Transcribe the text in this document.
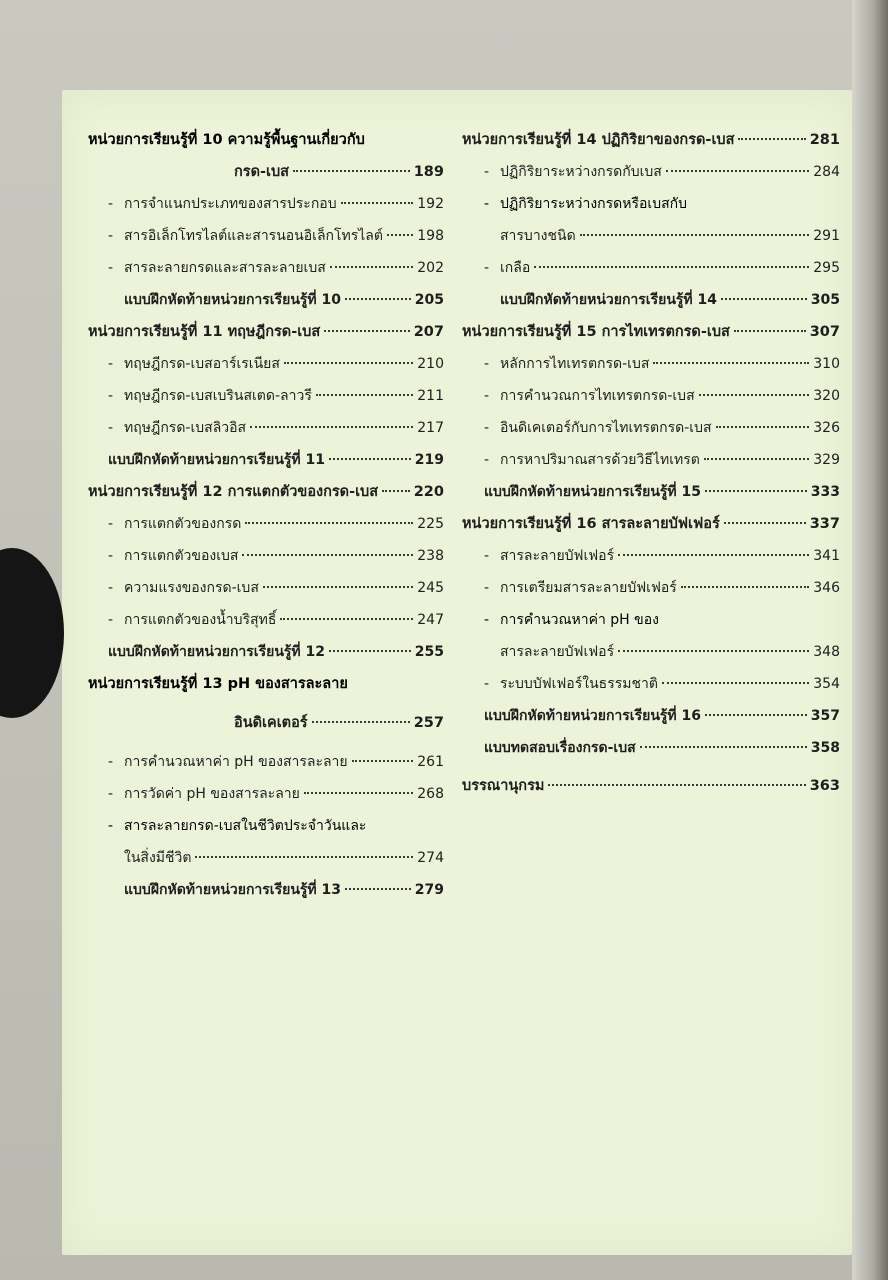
หน่วยการเรียนรู้ที่ 10 ความรู้พื้นฐานเกี่ยวกับ
กรด-เบส	189
- การจำแนกประเภทของสารประกอบ	192
- สารอิเล็กโทรไลต์และสารนอนอิเล็กโทรไลต์ 198
- สารละลายกรดและสารละลายเบส	202
แบบฝึกหัดท้ายหน่วยการเรียนรู้ที่ 10	205
หน่วยการเรียนรู้ที่ 11 ทฤษฎีกรด-เบส	207
- ทฤษฎีกรด-เบสอาร์เรเนียส	210
- ทฤษฎีกรด-เบสเบรินสเตด-ลาวรี	211
- ทฤษฎีกรด-เบสลิวอิส	217
แบบฝึกหัดท้ายหน่วยการเรียนรู้ที่ 11	219
หน่วยการเรียนรู้ที่ 12 การแตกตัวของกรด-เบส 220
- การแตกตัวของกรด	225
- การแตกตัวของเบส	238
- ความแรงของกรด-เบส	245
- การแตกตัวของน้ำบริสุทธิ์	247
แบบฝึกหัดท้ายหน่วยการเรียนรู้ที่ 12	255
หน่วยการเรียนรู้ที่ 13 pH ของสารละลาย
อินดิเคเตอร์	257
- การคำนวณหาค่า pH ของสารละลาย	261
- การวัดค่า pH ของสารละลาย	268
- สารละลายกรด-เบสในชีวิตประจำวันและ
ในสิ่งมีชีวิต	274
แบบฝึกหัดท้ายหน่วยการเรียนรู้ที่ 13	279
หน่วยการเรียนรู้ที่ 14 ปฏิกิริยาของกรด-เบส	281
- ปฏิกิริยาระหว่างกรดกับเบส	284
- ปฏิกิริยาระหว่างกรดหรือเบสกับ
สารบางชนิด	291
- เกลือ	295
แบบฝึกหัดท้ายหน่วยการเรียนรู้ที่ 14	305
หน่วยการเรียนรู้ที่ 15 การไทเทรตกรด-เบส	307
- หลักการไทเทรตกรด-เบส	310
- การคำนวณการไทเทรตกรด-เบส	320
- อินดิเคเตอร์กับการไทเทรตกรด-เบส	326
- การหาปริมาณสารด้วยวิธีไทเทรต	329
แบบฝึกหัดท้ายหน่วยการเรียนรู้ที่ 15	333
หน่วยการเรียนรู้ที่ 16 สารละลายบัฟเฟอร์	337
- สารละลายบัฟเฟอร์	341
- การเตรียมสารละลายบัฟเฟอร์	346
- การคำนวณหาค่า pH ของ
สารละลายบัฟเฟอร์	348
- ระบบบัฟเฟอร์ในธรรมชาติ	354
แบบฝึกหัดท้ายหน่วยการเรียนรู้ที่ 16	357
แบบทดสอบเรื่องกรด-เบส	358
บรรณานุกรม	363
